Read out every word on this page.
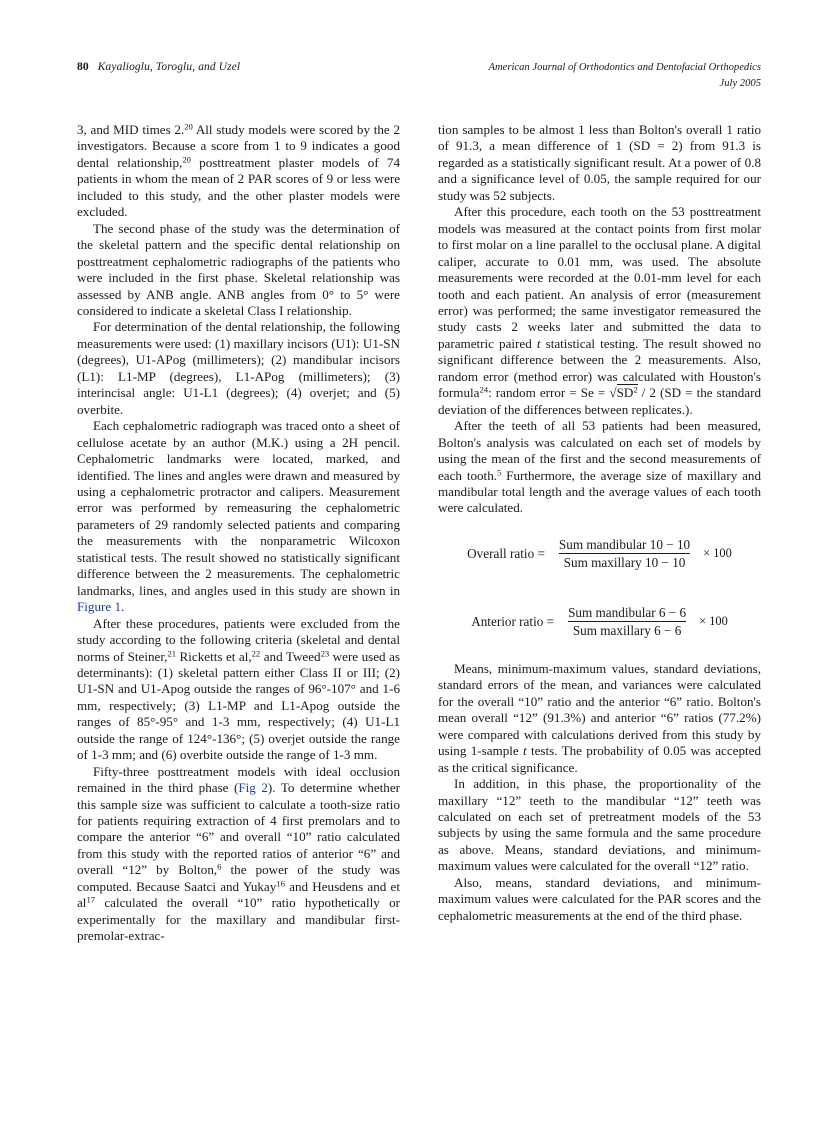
80 Kayalioglu, Toroglu, and Uzel	American Journal of Orthodontics and Dentofacial Orthopedics
July 2005

3, and MID times 2.20 All study models were scored by the 2 investigators. Because a score from 1 to 9 indicates a good dental relationship,$^{20}$ posttreatment plaster models of 74 patients in whom the mean of 2 PAR scores of 9 or less were included to this study, and the other plaster models were excluded.

The second phase of the study was the determination of the skeletal pattern and the specific dental relationship on posttreatment cephalometric radiographs of the patients who were included in the first phase. Skeletal relationship was assessed by ANB angle. ANB angles from 0° to 5° were considered to indicate a skeletal Class I relationship.

For determination of the dental relationship, the following measurements were used: (1) maxillary incisors (U1): U1-SN (degrees), U1-APog (millimeters); (2) mandibular incisors (L1): L1-MP (degrees), L1-APog (millimeters); (3) interincisal angle: U1-L1 (degrees); (4) overjet; and (5) overbite.

Each cephalometric radiograph was traced onto a sheet of cellulose acetate by an author (M.K.) using a 2H pencil. Cephalometric landmarks were located, marked, and identified. The lines and angles were drawn and measured by using a cephalometric protractor and calipers. Measurement error was performed by remeasuring the cephalometric parameters of 29 randomly selected patients and comparing the measurements with the nonparametric Wilcoxon statistical tests. The result showed no statistically significant difference between the 2 measurements. The cephalometric landmarks, lines, and angles used in this study are shown in Figure 1.

After these procedures, patients were excluded from the study according to the following criteria (skeletal and dental norms of Steiner,$^{21}$ Ricketts et al,$^{22}$ and Tweed$^{23}$ were used as determinants): (1) skeletal pattern either Class II or III; (2) U1-SN and U1-Apog outside the ranges of 96°-107° and 1-6 mm, respectively; (3) L1-MP and L1-Apog outside the ranges of 85°-95° and 1-3 mm, respectively; (4) U1-L1 outside the range of 124°-136°; (5) overjet outside the range of 1-3 mm; and (6) overbite outside the range of 1-3 mm.

Fifty-three posttreatment models with ideal occlusion remained in the third phase (Fig 2). To determine whether this sample size was sufficient to calculate a tooth-size ratio for patients requiring extraction of 4 first premolars and to compare the anterior “6” and overall “10” ratio calculated from this study with the reported ratios of anterior “6” and overall “12” by Bolton,$^6$ the power of the study was computed. Because Saatci and Yukay$^{16}$ and Heusdens and et $al^{17}$ calculated the overall “10” ratio hypothetically or experimentally for the maxillary and mandibular first-premolar-extrac-

tion samples to be almost 1 less than Bolton's overall 1 ratio of 91.3, a mean difference of 1 (SD = 2) from 91.3 is regarded as a statistically significant result. At a power of 0.8 and a significance level of 0.05, the sample required for our study was 52 subjects.

After this procedure, each tooth on the 53 posttreatment models was measured at the contact points from first molar to first molar on a line parallel to the occlusal plane. A digital caliper, accurate to 0.01 mm, was used. The absolute measurements were recorded at the 0.01-mm level for each tooth and each patient. An analysis of error (measurement error) was performed; the same investigator remeasured the study casts 2 weeks later and submitted the data to parametric paired t statistical testing. The result showed no significant difference between the 2 measurements. Also, random error (method error) was calculated with Houston's formula$^{24}$: random error = $Se = √SD^2 / 2$ (SD = the standard deviation of the differences between replicates.).

After the teeth of all 53 patients had been measured, Bolton's analysis was calculated on each set of models by using the mean of the first and the second measurements of each tooth.$^5$ Furthermore, the average size of maxillary and mandibular total length and the average values of each tooth were calculated.

Overall ratio = $\frac{\text{Sum mandibular 10 − 10}}{\text{Sum maxillary 10 − 10}} \times 100$
Anterior ratio = $\frac{\text{Sum mandibular 6 − 6}}{\text{Sum maxillary 6 − 6}} \times 100$

Means, minimum-maximum values, standard deviations, standard errors of the mean, and variances were calculated for the overall “10” ratio and the anterior “6” ratio. Bolton's mean overall “12” (91.3%) and anterior “6” ratios (77.2%) were compared with calculations derived from this study by using 1-sample t tests. The probability of 0.05 was accepted as the critical significance.

In addition, in this phase, the proportionality of the maxillary “12” teeth to the mandibular “12” teeth was calculated on each set of pretreatment models of the 53 subjects by using the same formula and the same procedure as above. Means, standard deviations, and minimum-maximum values were calculated for the overall “12” ratio.

Also, means, standard deviations, and minimum-maximum values were calculated for the PAR scores and the cephalometric measurements at the end of the third phase.
